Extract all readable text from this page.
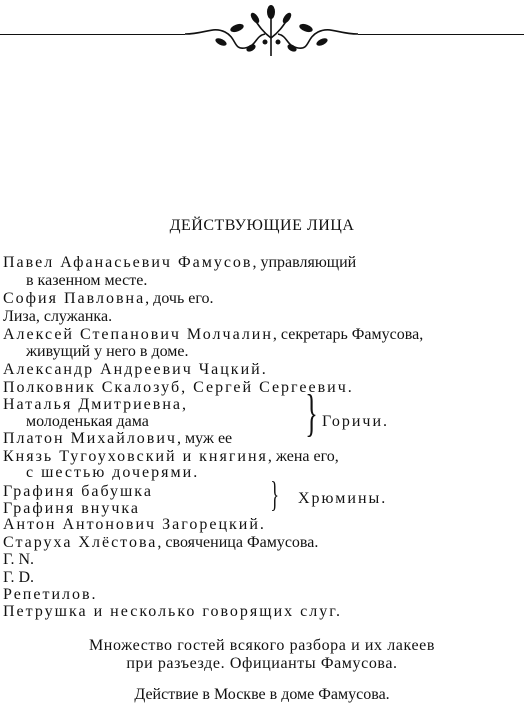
ДЕЙСТВУЮЩИЕ ЛИЦА
Павел Афанасьевич Фамусов, управляющий
в казенном месте.
София Павловна, дочь его.
Лиза, служанка.
Алексей Степанович Молчалин, секретарь Фамусова,
живущий у него в доме.
Александр Андреевич Чацкий.
Полковник Скалозуб, Сергей Сергеевич.
Наталья Дмитриевна,
молоденькая дама
Платон Михайлович, муж ее } Горичи.
Князь Тугоуховский и княгиня, жена его,
с шестью дочерями.
Графиня бабушка
Графиня внучка	} Хрюмины.
Антон Антонович Загорецкий.
Старуха Хлёстова, свояченица Фамусова.
Г. N.
Г. D.
Репетилов.
Петрушка и несколько говорящих слуг.
Множество гостей всякого разбора и их лакеев
при разъезде. Официанты Фамусова.
Действие в Москве в доме Фамусова.
